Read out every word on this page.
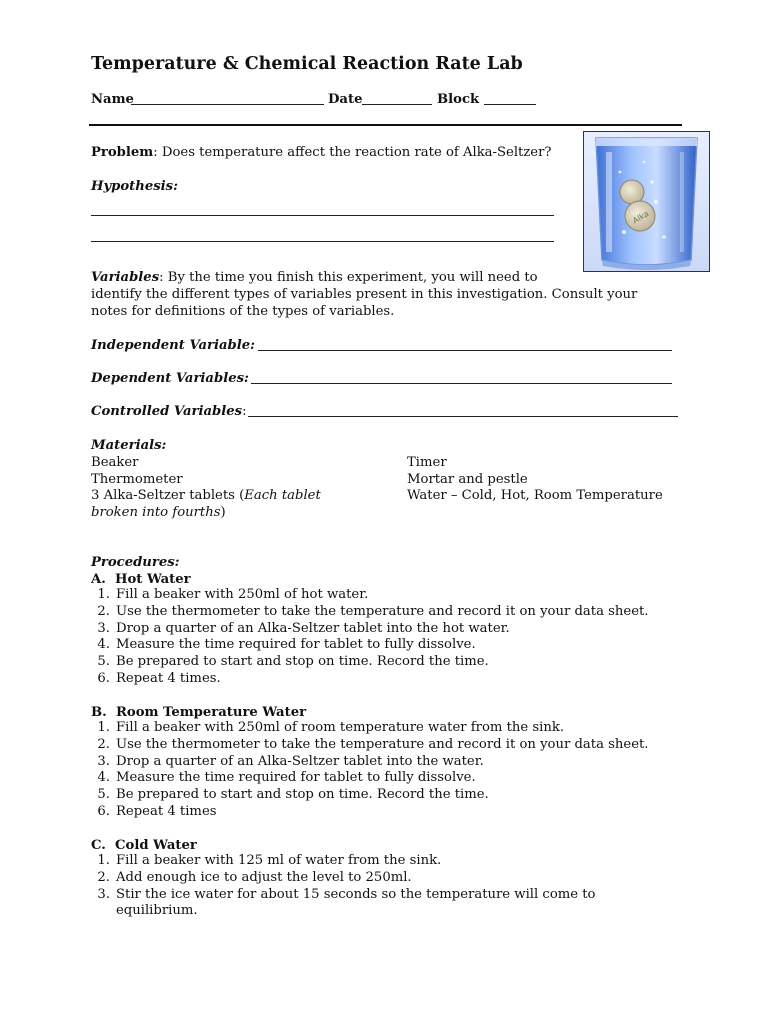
Temperature & Chemical Reaction Rate Lab
Name	Date	Block
Alka
Problem: Does temperature affect the reaction rate of Alka-Seltzer?
Hypothesis:
Variables: By the time you finish this experiment, you will need to
identify the different types of variables present in this investigation. Consult your
notes for definitions of the types of variables.
Independent Variable:
Dependent Variables:
Controlled Variables:
Materials:
Beaker
Thermometer
3 Alka-Seltzer tablets (Each tablet
broken into fourths)
Timer
Mortar and pestle
Water – Cold, Hot, Room Temperature
Procedures:
A. Hot Water
1. Fill a beaker with 250ml of hot water.
2. Use the thermometer to take the temperature and record it on your data sheet.
3. Drop a quarter of an Alka-Seltzer tablet into the hot water.
4. Measure the time required for tablet to fully dissolve.
5. Be prepared to start and stop on time. Record the time.
6. Repeat 4 times.
B. Room Temperature Water
1. Fill a beaker with 250ml of room temperature water from the sink.
2. Use the thermometer to take the temperature and record it on your data sheet.
3. Drop a quarter of an Alka-Seltzer tablet into the water.
4. Measure the time required for tablet to fully dissolve.
5. Be prepared to start and stop on time. Record the time.
6. Repeat 4 times
C. Cold Water
1. Fill a beaker with 125 ml of water from the sink.
2. Add enough ice to adjust the level to 250ml.
3. Stir the ice water for about 15 seconds so the temperature will come to equilibrium.
